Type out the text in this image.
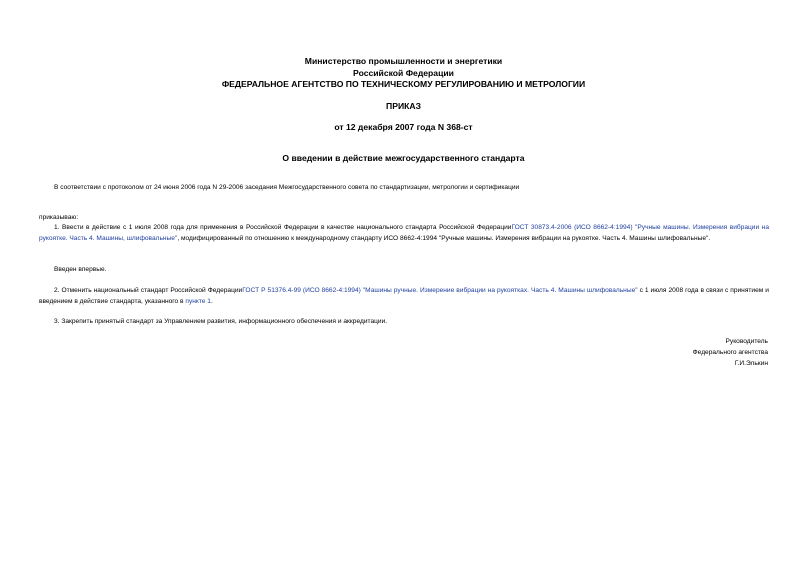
Министерство промышленности и энергетики
Российской Федерации
ФЕДЕРАЛЬНОЕ АГЕНТСТВО ПО ТЕХНИЧЕСКОМУ РЕГУЛИРОВАНИЮ И МЕТРОЛОГИИ
ПРИКАЗ
от 12 декабря 2007 года N 368-ст
О введении в действие межгосударственного стандарта
В соответствии с протоколом от 24 июня 2006 года N 29-2006 заседания Межгосударственного совета по стандартизации, метрологии и сертификации
приказываю:
1. Ввести в действие с 1 июля 2008 года для применения в Российской Федерации в качестве национального стандарта Российской ФедерацииГОСТ 30873.4-2006 (ИСО 8662-4:1994) "Ручные машины. Измерения вибрации на рукоятке. Часть 4. Машины, шлифовальные", модифицированный по отношению к международному стандарту ИСО 8662-4:1994 "Ручные машины. Измерения вибрации на рукоятке. Часть 4. Машины шлифовальные".
Введен впервые.
2. Отменить национальный стандарт Российской ФедерацииГОСТ Р 51376.4-99 (ИСО 8662-4:1994) "Машины ручные. Измерение вибрации на рукоятках. Часть 4. Машины шлифовальные" с 1 июля 2008 года в связи с принятием и введением в действие стандарта, указанного в пункте 1.
3. Закрепить принятый стандарт за Управлением развития, информационного обеспечения и аккредитации.
Руководитель
Федерального агентства
Г.И.Элькин
